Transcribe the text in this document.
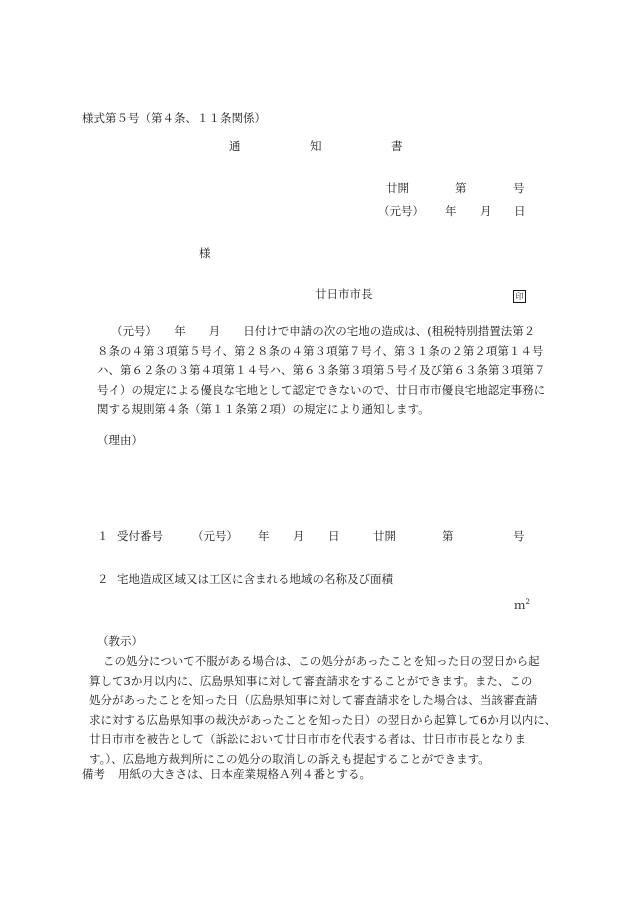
様式第５号（第４条、１１条関係）
通	知	書
廿開	第	号
（元号） 年 月 日
様
廿日市市長	印
（元号）　　年　　月　　日付けで申請の次の宅地の造成は、(租税特別措置法第２
８条の４第３項第５号イ、第２８条の４第３項第７号イ、第３１条の２第２項第１４号
ハ、第６２条の３第４項第１４号ハ、第６３条第３項第５号イ及び第６３条第３項第７
号イ）の規定による優良な宅地として認定できないので、廿日市市優良宅地認定事務に
関する規則第４条（第１１条第２項）の規定により通知します。
（理由）
１ 受付番号	（元号） 年 月 日	廿開	第	号
２ 宅地造成区域又は工区に含まれる地域の名称及び面積
ｍ$^2$
（教示）
この処分について不服がある場合は、この処分があったことを知った日の翌日から起
算して3か月以内に、広島県知事に対して審査請求をすることができます。また、この
処分があったことを知った日（広島県知事に対して審査請求をした場合は、当該審査請
求に対する広島県知事の裁決があったことを知った日）の翌日から起算して6か月以内に、
廿日市市を被告として（訴訟において廿日市市を代表する者は、廿日市市長となりま
す。）、広島地方裁判所にこの処分の取消しの訴えも提起することができます。
備考 用紙の大きさは、日本産業規格Ａ列４番とする。
